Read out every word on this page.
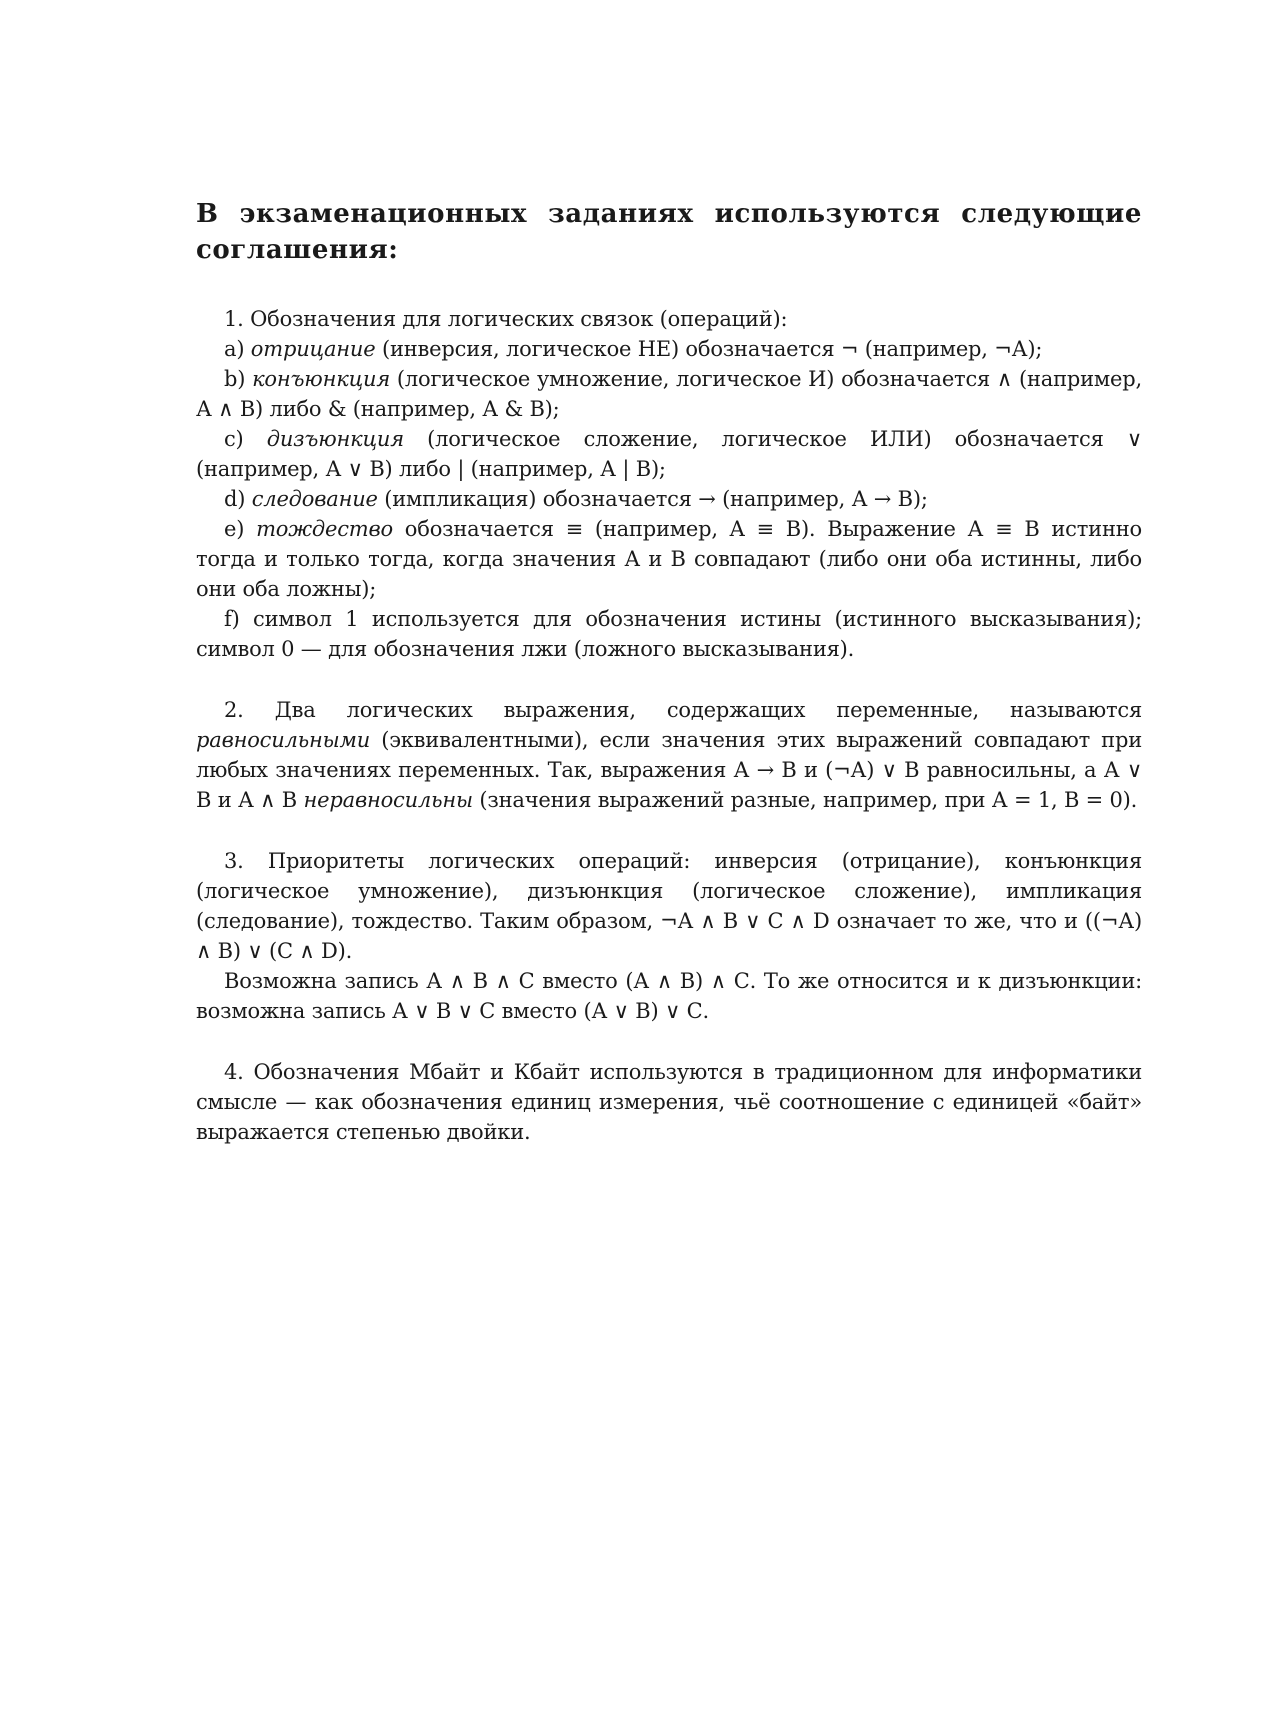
В экзаменационных заданиях используются следующие соглашения:

1. Обозначения для логических связок (операций):

a) отрицание (инверсия, логическое НЕ) обозначается ¬ (например, ¬А);

b) конъюнкция (логическое умножение, логическое И) обозначается ∧ (например, А ∧ В) либо & (например, А & В);

c) дизъюнкция (логическое сложение, логическое ИЛИ) обозначается ∨ (например, А ∨ В) либо | (например, А | В);

d) следование (импликация) обозначается → (например, А → В);

e) тождество обозначается ≡ (например, A ≡ B). Выражение А ≡ В истинно тогда и только тогда, когда значения А и В совпадают (либо они оба истинны, либо они оба ложны);

f) символ 1 используется для обозначения истины (истинного высказывания); символ 0 — для обозначения лжи (ложного высказывания).

2. Два логических выражения, содержащих переменные, называются равносильными (эквивалентными), если значения этих выражений совпадают при любых значениях переменных. Так, выражения А → В и (¬А) ∨ В равносильны, а А ∨ В и А ∧ В неравносильны (значения выражений разные, например, при А = 1, В = 0).

3. Приоритеты логических операций: инверсия (отрицание), конъюнкция (логическое умножение), дизъюнкция (логическое сложение), импликация (следование), тождество. Таким образом, ¬А ∧ В ∨ С ∧ D означает то же, что и ((¬А) ∧ В) ∨ (С ∧ D).

Возможна запись А ∧ В ∧ С вместо (А ∧ В) ∧ С. То же относится и к дизъюнкции: возможна запись А ∨ В ∨ С вместо (А ∨ В) ∨ С.

4. Обозначения Мбайт и Кбайт используются в традиционном для информатики смысле — как обозначения единиц измерения, чьё соотношение с единицей «байт» выражается степенью двойки.
